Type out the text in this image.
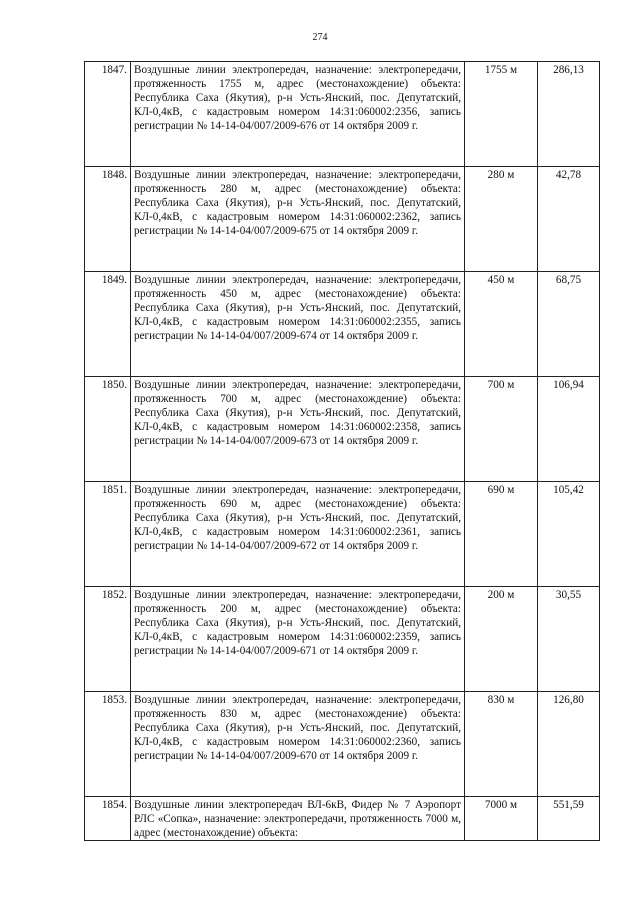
274
1847.	Воздушные линии электропередач, назначение: электропередачи, протяженность 1755 м, адрес (местонахождение) объекта: Республика Саха (Якутия), р-н Усть-Янский, пос. Депутатский, КЛ-0,4кВ, с кадастровым номером 14:31:060002:2356, запись регистрации № 14-14-04/007/2009-676 от 14 октября 2009 г.	1755 м	286,13
1848.	Воздушные линии электропередач, назначение: электропередачи, протяженность 280 м, адрес (местонахождение) объекта: Республика Саха (Якутия), р-н Усть-Янский, пос. Депутатский, КЛ-0,4кВ, с кадастровым номером 14:31:060002:2362, запись регистрации № 14-14-04/007/2009-675 от 14 октября 2009 г.	280 м	42,78
1849.	Воздушные линии электропередач, назначение: электропередачи, протяженность 450 м, адрес (местонахождение) объекта: Республика Саха (Якутия), р-н Усть-Янский, пос. Депутатский, КЛ-0,4кВ, с кадастровым номером 14:31:060002:2355, запись регистрации № 14-14-04/007/2009-674 от 14 октября 2009 г.	450 м	68,75
1850.	Воздушные линии электропередач, назначение: электропередачи, протяженность 700 м, адрес (местонахождение) объекта: Республика Саха (Якутия), р-н Усть-Янский, пос. Депутатский, КЛ-0,4кВ, с кадастровым номером 14:31:060002:2358, запись регистрации № 14-14-04/007/2009-673 от 14 октября 2009 г.	700 м	106,94
1851.	Воздушные линии электропередач, назначение: электропередачи, протяженность 690 м, адрес (местонахождение) объекта: Республика Саха (Якутия), р-н Усть-Янский, пос. Депутатский, КЛ-0,4кВ, с кадастровым номером 14:31:060002:2361, запись регистрации № 14-14-04/007/2009-672 от 14 октября 2009 г.	690 м	105,42
1852.	Воздушные линии электропередач, назначение: электропередачи, протяженность 200 м, адрес (местонахождение) объекта: Республика Саха (Якутия), р-н Усть-Янский, пос. Депутатский, КЛ-0,4кВ, с кадастровым номером 14:31:060002:2359, запись регистрации № 14-14-04/007/2009-671 от 14 октября 2009 г.	200 м	30,55
1853.	Воздушные линии электропередач, назначение: электропередачи, протяженность 830 м, адрес (местонахождение) объекта: Республика Саха (Якутия), р-н Усть-Янский, пос. Депутатский, КЛ-0,4кВ, с кадастровым номером 14:31:060002:2360, запись регистрации № 14-14-04/007/2009-670 от 14 октября 2009 г.	830 м	126,80
1854.	Воздушные линии электропередач ВЛ-6кВ, Фидер № 7 Аэропорт РЛС «Сопка», назначение: электропередачи, протяженность 7000 м, адрес (местонахождение) объекта:	7000 м	551,59
